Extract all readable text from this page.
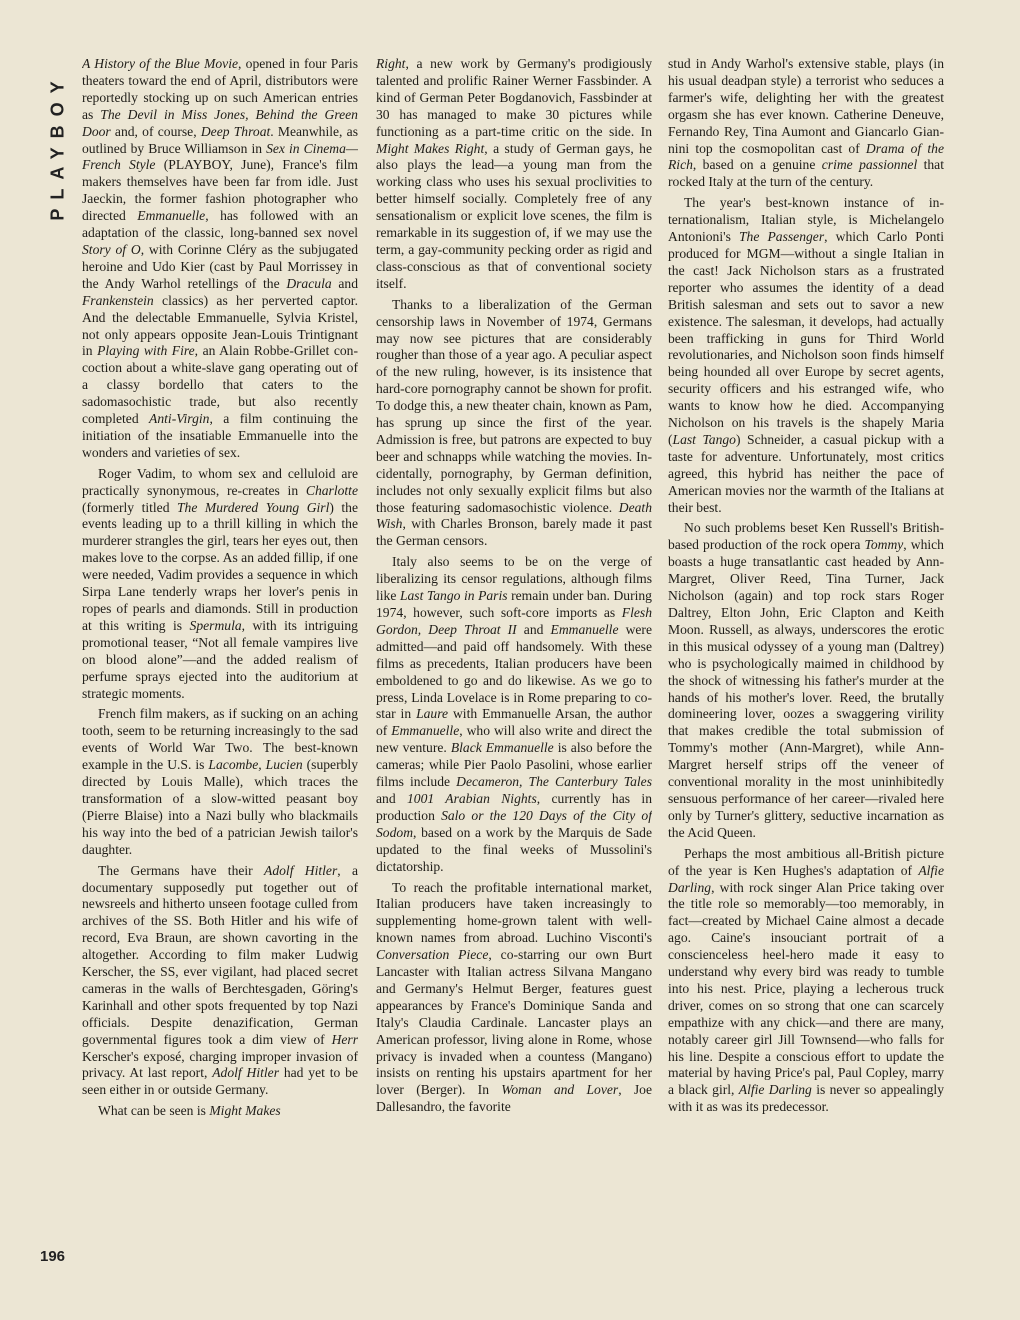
PLAYBOY
196

A History of the Blue Movie, opened in four Paris theaters toward the end of April, distributors were reportedly stocking up on such American entries as The Devil in Miss Jones, Behind the Green Door and, of course, Deep Throat. Meanwhile, as outlined by Bruce Williamson in Sex in Cinema—French Style (PLAYBOY, June), France's film makers themselves have been far from idle. Just Jaeckin, the former fashion photographer who directed Emmanuelle, has followed with an adaptation of the classic, long-banned sex novel Story of O, with Corinne Cléry as the subjugated heroine and Udo Kier (cast by Paul Morrissey in the Andy Warhol retellings of the Dracula and Frankenstein classics) as her perverted captor. And the delectable Emmanuelle, Sylvia Kristel, not only appears opposite Jean-Louis Trintignant in Playing with Fire, an Alain Robbe-Grillet concoction about a white-slave gang operating out of a classy bordello that caters to the sadomasochistic trade, but also recently completed Anti-Virgin, a film continuing the initiation of the insatiable Emmanuelle into the wonders and varieties of sex.

Roger Vadim, to whom sex and celluloid are practically synonymous, re-creates in Charlotte (formerly titled The Murdered Young Girl) the events leading up to a thrill killing in which the murderer strangles the girl, tears her eyes out, then makes love to the corpse. As an added fillip, if one were needed, Vadim provides a sequence in which Sirpa Lane tenderly wraps her lover's penis in ropes of pearls and diamonds. Still in production at this writing is Spermula, with its intriguing promotional teaser, “Not all female vampires live on blood alone”—and the added realism of perfume sprays ejected into the auditorium at strategic moments.

French film makers, as if sucking on an aching tooth, seem to be returning increasingly to the sad events of World War Two. The best-known example in the U.S. is Lacombe, Lucien (superbly directed by Louis Malle), which traces the transformation of a slow-witted peasant boy (Pierre Blaise) into a Nazi bully who blackmails his way into the bed of a patrician Jewish tailor's daughter.

The Germans have their Adolf Hitler, a documentary supposedly put together out of newsreels and hitherto unseen footage culled from archives of the SS. Both Hitler and his wife of record, Eva Braun, are shown cavorting in the altogether. According to film maker Ludwig Kerscher, the SS, ever vigilant, had placed secret cameras in the walls of Berchtesgaden, Göring's Karinhall and other spots frequented by top Nazi officials. Despite denazification, German governmental figures took a dim view of Herr Kerscher's exposé, charging improper invasion of privacy. At last report, Adolf Hitler had yet to be seen either in or outside Germany.

What can be seen is Might Makes

Right, a new work by Germany's prodigiously talented and prolific Rainer Werner Fassbinder. A kind of German Peter Bogdanovich, Fassbinder at 30 has managed to make 30 pictures while functioning as a part-time critic on the side. In Might Makes Right, a study of German gays, he also plays the lead—a young man from the working class who uses his sexual proclivities to better himself socially. Completely free of any sensationalism or explicit love scenes, the film is remarkable in its suggestion of, if we may use the term, a gay-community pecking order as rigid and class-conscious as that of conventional society itself.

Thanks to a liberalization of the German censorship laws in November of 1974, Germans may now see pictures that are considerably rougher than those of a year ago. A peculiar aspect of the new ruling, however, is its insistence that hard-core pornography cannot be shown for profit. To dodge this, a new theater chain, known as Pam, has sprung up since the first of the year. Admission is free, but patrons are expected to buy beer and schnapps while watching the movies. Incidentally, pornography, by German definition, includes not only sexually explicit films but also those featuring sadomasochistic violence. Death Wish, with Charles Bronson, barely made it past the German censors.

Italy also seems to be on the verge of liberalizing its censor regulations, although films like Last Tango in Paris remain under ban. During 1974, however, such soft-core imports as Flesh Gordon, Deep Throat II and Emmanuelle were admitted—and paid off handsomely. With these films as precedents, Italian producers have been emboldened to go and do likewise. As we go to press, Linda Lovelace is in Rome preparing to co-star in Laure with Emmanuelle Arsan, the author of Emmanuelle, who will also write and direct the new venture. Black Emmanuelle is also before the cameras; while Pier Paolo Pasolini, whose earlier films include Decameron, The Canterbury Tales and 1001 Arabian Nights, currently has in production Salo or the 120 Days of the City of Sodom, based on a work by the Marquis de Sade updated to the final weeks of Mussolini's dictatorship.

To reach the profitable international market, Italian producers have taken increasingly to supplementing home-grown talent with well-known names from abroad. Luchino Visconti's Conversation Piece, co-starring our own Burt Lancaster with Italian actress Silvana Mangano and Germany's Helmut Berger, features guest appearances by France's Dominique Sanda and Italy's Claudia Cardinale. Lancaster plays an American professor, living alone in Rome, whose privacy is invaded when a countess (Mangano) insists on renting his upstairs apartment for her lover (Berger). In Woman and Lover, Joe Dallesandro, the favorite

stud in Andy Warhol's extensive stable, plays (in his usual deadpan style) a terrorist who seduces a farmer's wife, delighting her with the greatest orgasm she has ever known. Catherine Deneuve, Fernando Rey, Tina Aumont and Giancarlo Giannini top the cosmopolitan cast of Drama of the Rich, based on a genuine crime passionnel that rocked Italy at the turn of the century.

The year's best-known instance of internationalism, Italian style, is Michelangelo Antonioni's The Passenger, which Carlo Ponti produced for MGM—without a single Italian in the cast! Jack Nicholson stars as a frustrated reporter who assumes the identity of a dead British salesman and sets out to savor a new existence. The salesman, it develops, had actually been trafficking in guns for Third World revolutionaries, and Nicholson soon finds himself being hounded all over Europe by secret agents, security officers and his estranged wife, who wants to know how he died. Accompanying Nicholson on his travels is the shapely Maria (Last Tango) Schneider, a casual pickup with a taste for adventure. Unfortunately, most critics agreed, this hybrid has neither the pace of American movies nor the warmth of the Italians at their best.

No such problems beset Ken Russell's British-based production of the rock opera Tommy, which boasts a huge transatlantic cast headed by Ann-Margret, Oliver Reed, Tina Turner, Jack Nicholson (again) and top rock stars Roger Daltrey, Elton John, Eric Clapton and Keith Moon. Russell, as always, underscores the erotic in this musical odyssey of a young man (Daltrey) who is psychologically maimed in childhood by the shock of witnessing his father's murder at the hands of his mother's lover. Reed, the brutally domineering lover, oozes a swaggering virility that makes credible the total submission of Tommy's mother (Ann-Margret), while Ann-Margret herself strips off the veneer of conventional morality in the most uninhibitedly sensuous performance of her career—rivaled here only by Turner's glittery, seductive incarnation as the Acid Queen.

Perhaps the most ambitious all-British picture of the year is Ken Hughes's adaptation of Alfie Darling, with rock singer Alan Price taking over the title role so memorably—too memorably, in fact—created by Michael Caine almost a decade ago. Caine's insouciant portrait of a conscienceless heel-hero made it easy to understand why every bird was ready to tumble into his nest. Price, playing a lecherous truck driver, comes on so strong that one can scarcely empathize with any chick—and there are many, notably career girl Jill Townsend—who falls for his line. Despite a conscious effort to update the material by having Price's pal, Paul Copley, marry a black girl, Alfie Darling is never so appealingly with it as was its predecessor.
